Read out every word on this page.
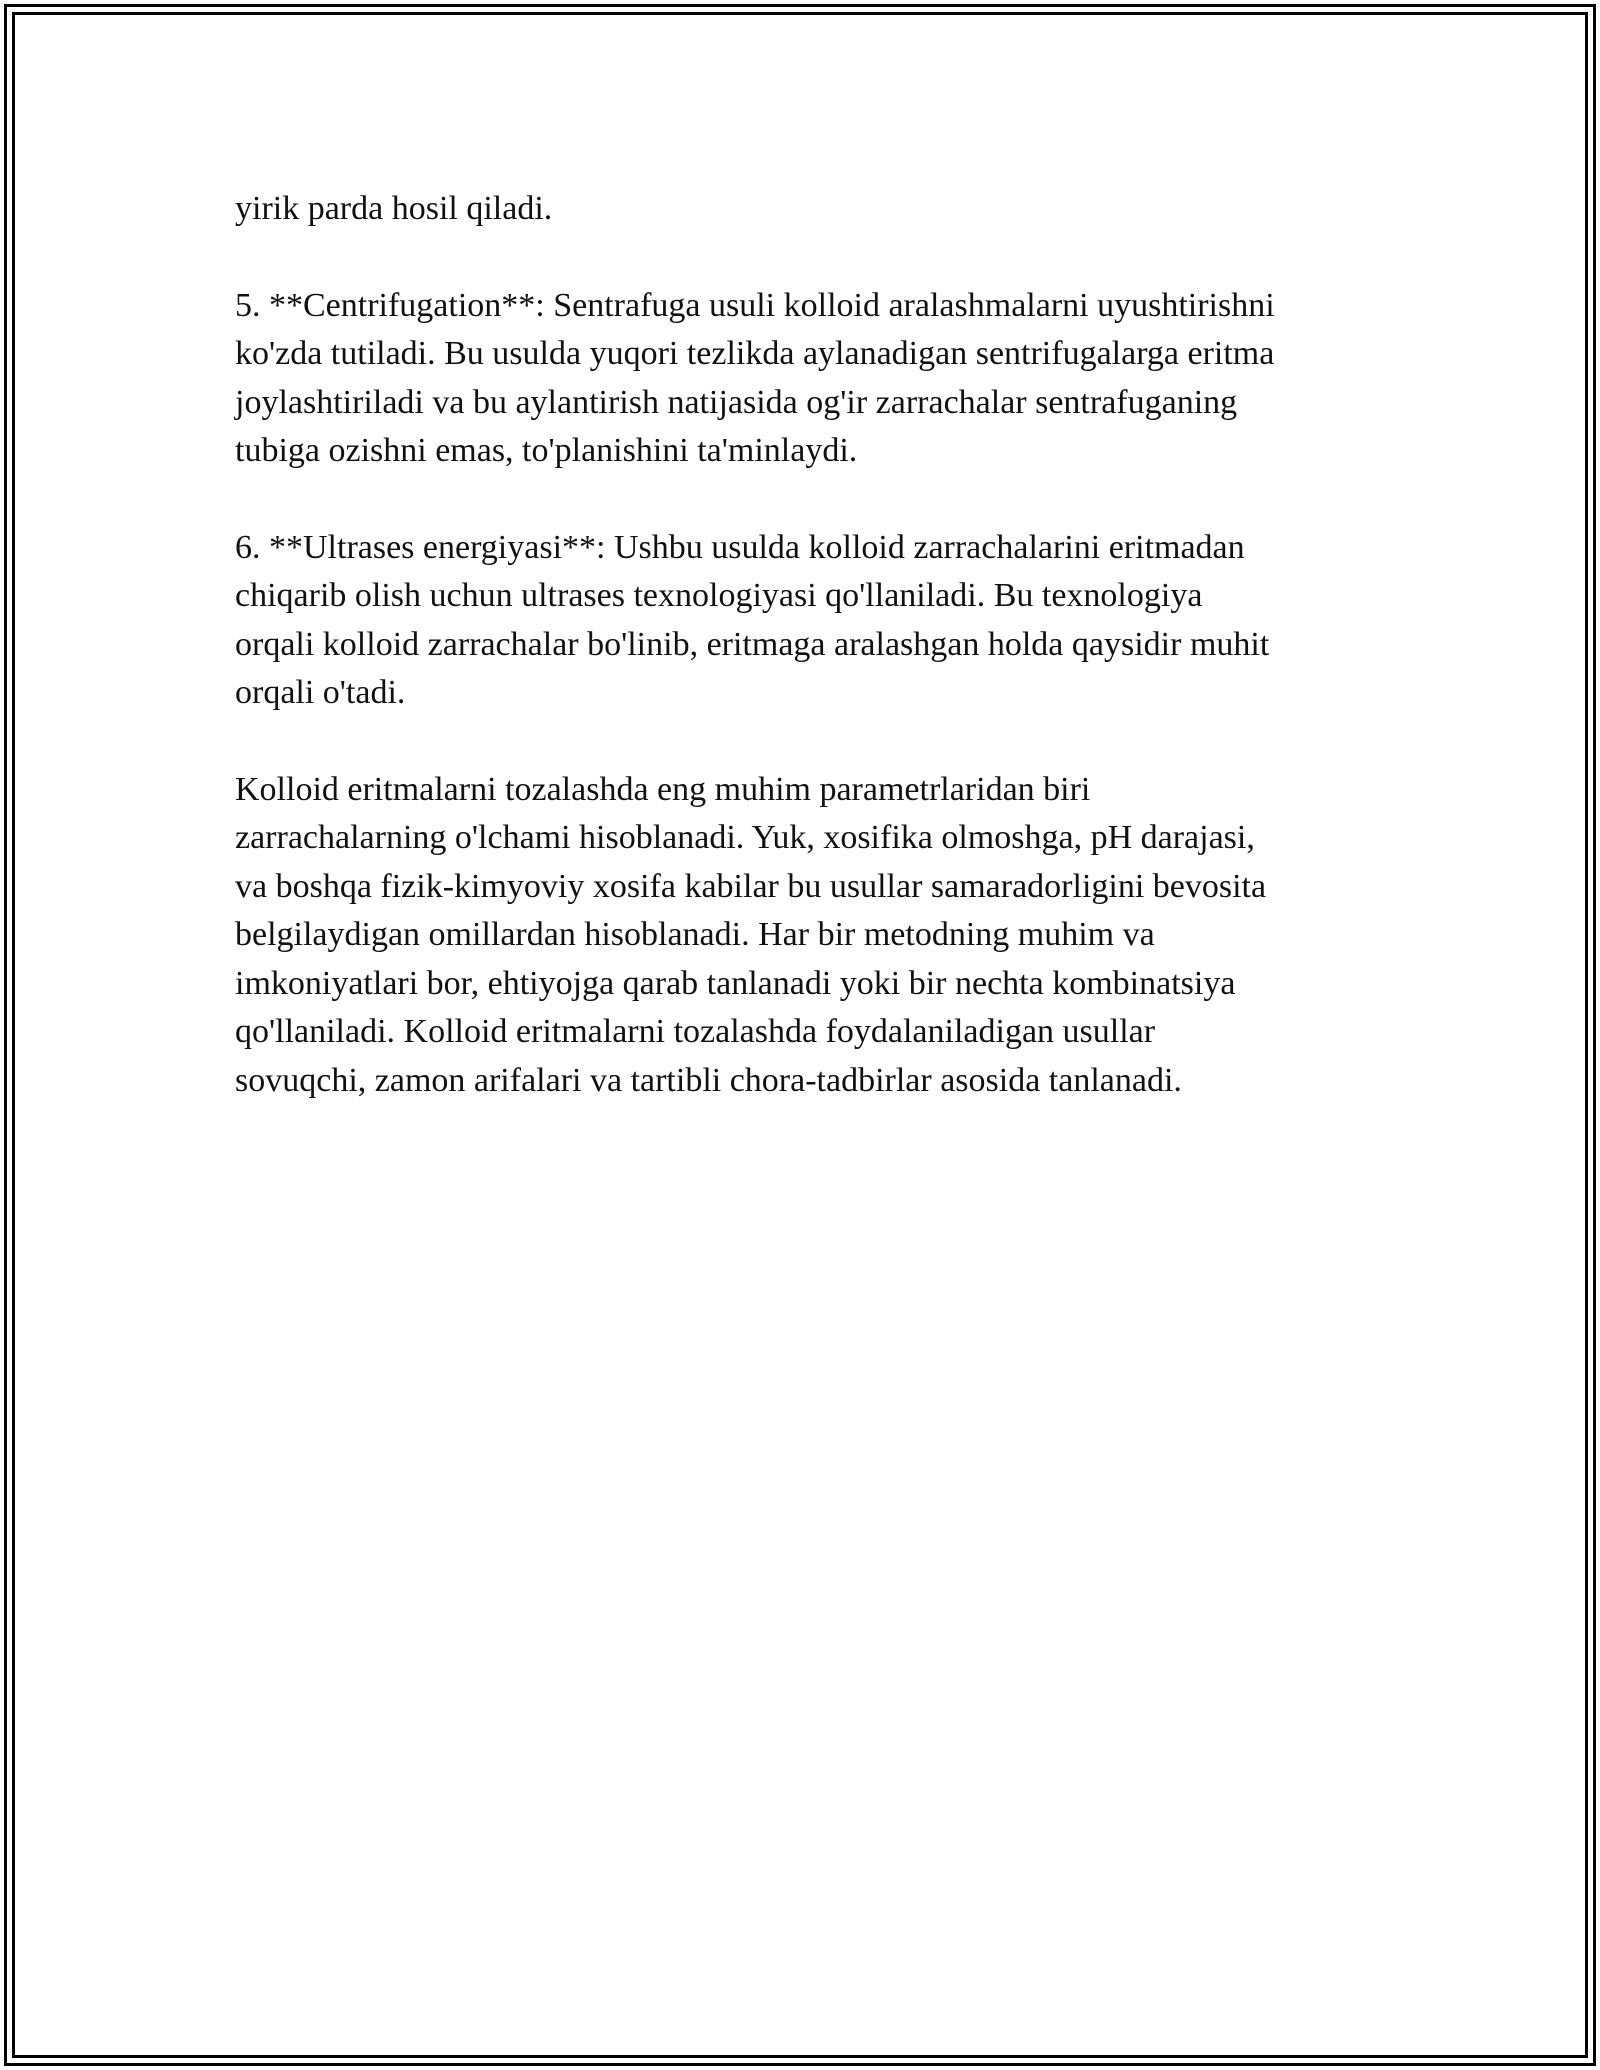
yirik parda hosil qiladi.

5. **Centrifugation**: Sentrafuga usuli kolloid aralashmalarni uyushtirishni
ko'zda tutiladi. Bu usulda yuqori tezlikda aylanadigan sentrifugalarga eritma
joylashtiriladi va bu aylantirish natijasida og'ir zarrachalar sentrafuganing
tubiga ozishni emas, to'planishini ta'minlaydi.

6. **Ultrases energiyasi**: Ushbu usulda kolloid zarrachalarini eritmadan
chiqarib olish uchun ultrases texnologiyasi qo'llaniladi. Bu texnologiya
orqali kolloid zarrachalar bo'linib, eritmaga aralashgan holda qaysidir muhit
orqali o'tadi.

Kolloid eritmalarni tozalashda eng muhim parametrlaridan biri
zarrachalarning o'lchami hisoblanadi. Yuk, xosifika olmoshga, pH darajasi,
va boshqa fizik-kimyoviy xosifa kabilar bu usullar samaradorligini bevosita
belgilaydigan omillardan hisoblanadi. Har bir metodning muhim va
imkoniyatlari bor, ehtiyojga qarab tanlanadi yoki bir nechta kombinatsiya
qo'llaniladi. Kolloid eritmalarni tozalashda foydalaniladigan usullar
sovuqchi, zamon arifalari va tartibli chora-tadbirlar asosida tanlanadi.
